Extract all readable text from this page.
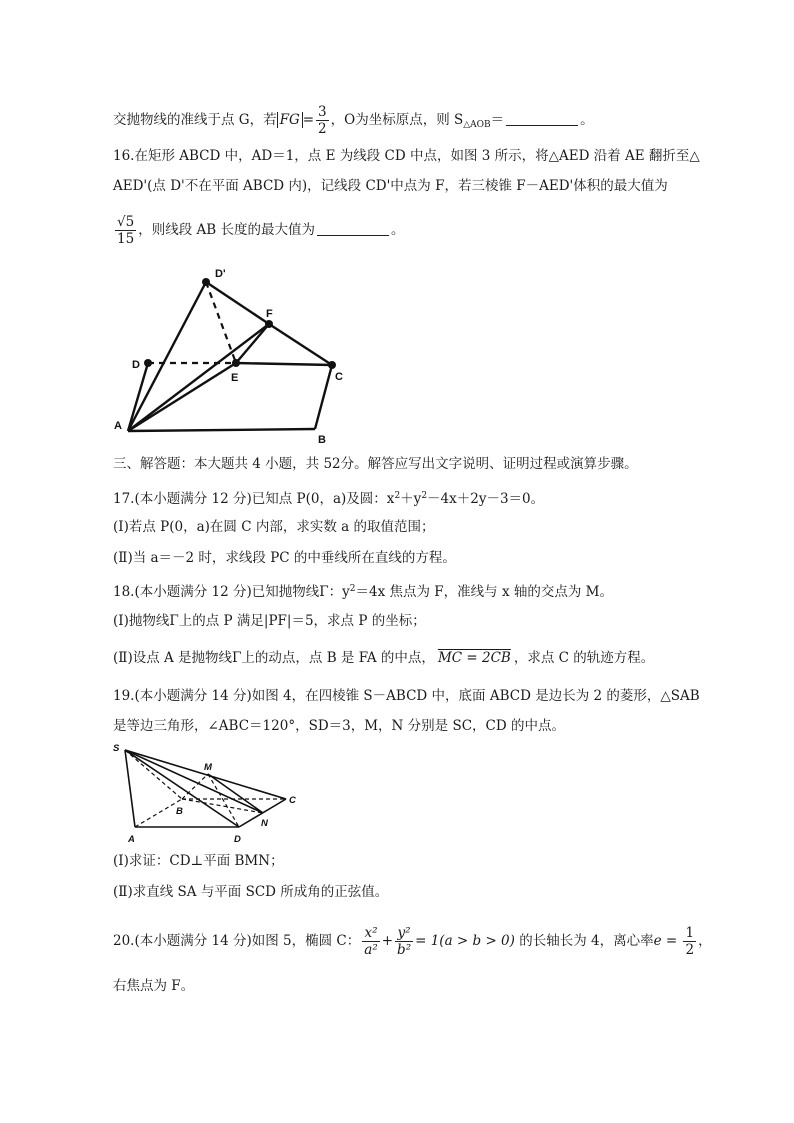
交抛物线的准线于点 G，若 FG = $\frac{3}{2}$ ，O为坐标原点，则 $S_{\triangle AOB}=$	。
16.在矩形 ABCD 中，AD＝1，点 E 为线段 CD 中点，如图 3 所示，将△AED 沿着 AE 翻折至△
AED'(点 D'不在平面 ABCD 内)，记线段 CD'中点为 F，若三棱锥 F－AED'体积的最大值为
$\frac{√5}{15}$ ，则线段 AB 长度的最大值为	。
D'
F
D
E	C
A
B
三、解答题：本大题共 4 小题，共 52分。解答应写出文字说明、证明过程或演算步骤。
17.(本小题满分 12 分)已知点 P(0，a)及圆：$x^2+y^2-4x+2y-3=0$。
(Ⅰ)若点 P(0，a)在圆 C 内部，求实数 a 的取值范围；
(Ⅱ)当 a＝－2 时，求线段 PC 的中垂线所在直线的方程。
18.(本小题满分 12 分)已知抛物线Γ：$y^2=4x$ 焦点为 F，准线与 x 轴的交点为 M。
(Ⅰ)抛物线Γ上的点 P 满足|PF|＝5，求点 P 的坐标；
(Ⅱ)设点 A 是抛物线Γ上的动点，点 B 是 FA 的中点， MC = 2CB ，求点 C 的轨迹方程。
19.(本小题满分 14 分)如图 4，在四棱锥 S－ABCD 中，底面 ABCD 是边长为 2 的菱形，△SAB
是等边三角形，∠ABC＝120°，SD＝3，M，N 分别是 SC，CD 的中点。
S
M
B
C
N
A	D
(Ⅰ)求证：CD⊥平面 BMN；
(Ⅱ)求直线 SA 与平面 SCD 所成角的正弦值。
20.(本小题满分 14 分)如图 5，椭圆 C： $\frac{\text{x²}}{\text{a²}} + \frac{\text{y²}}{\text{b²}} = 1(a > b > 0)$ 的长轴长为 4，离心率$e = \frac{1}{2}$ ，
右焦点为 F。
